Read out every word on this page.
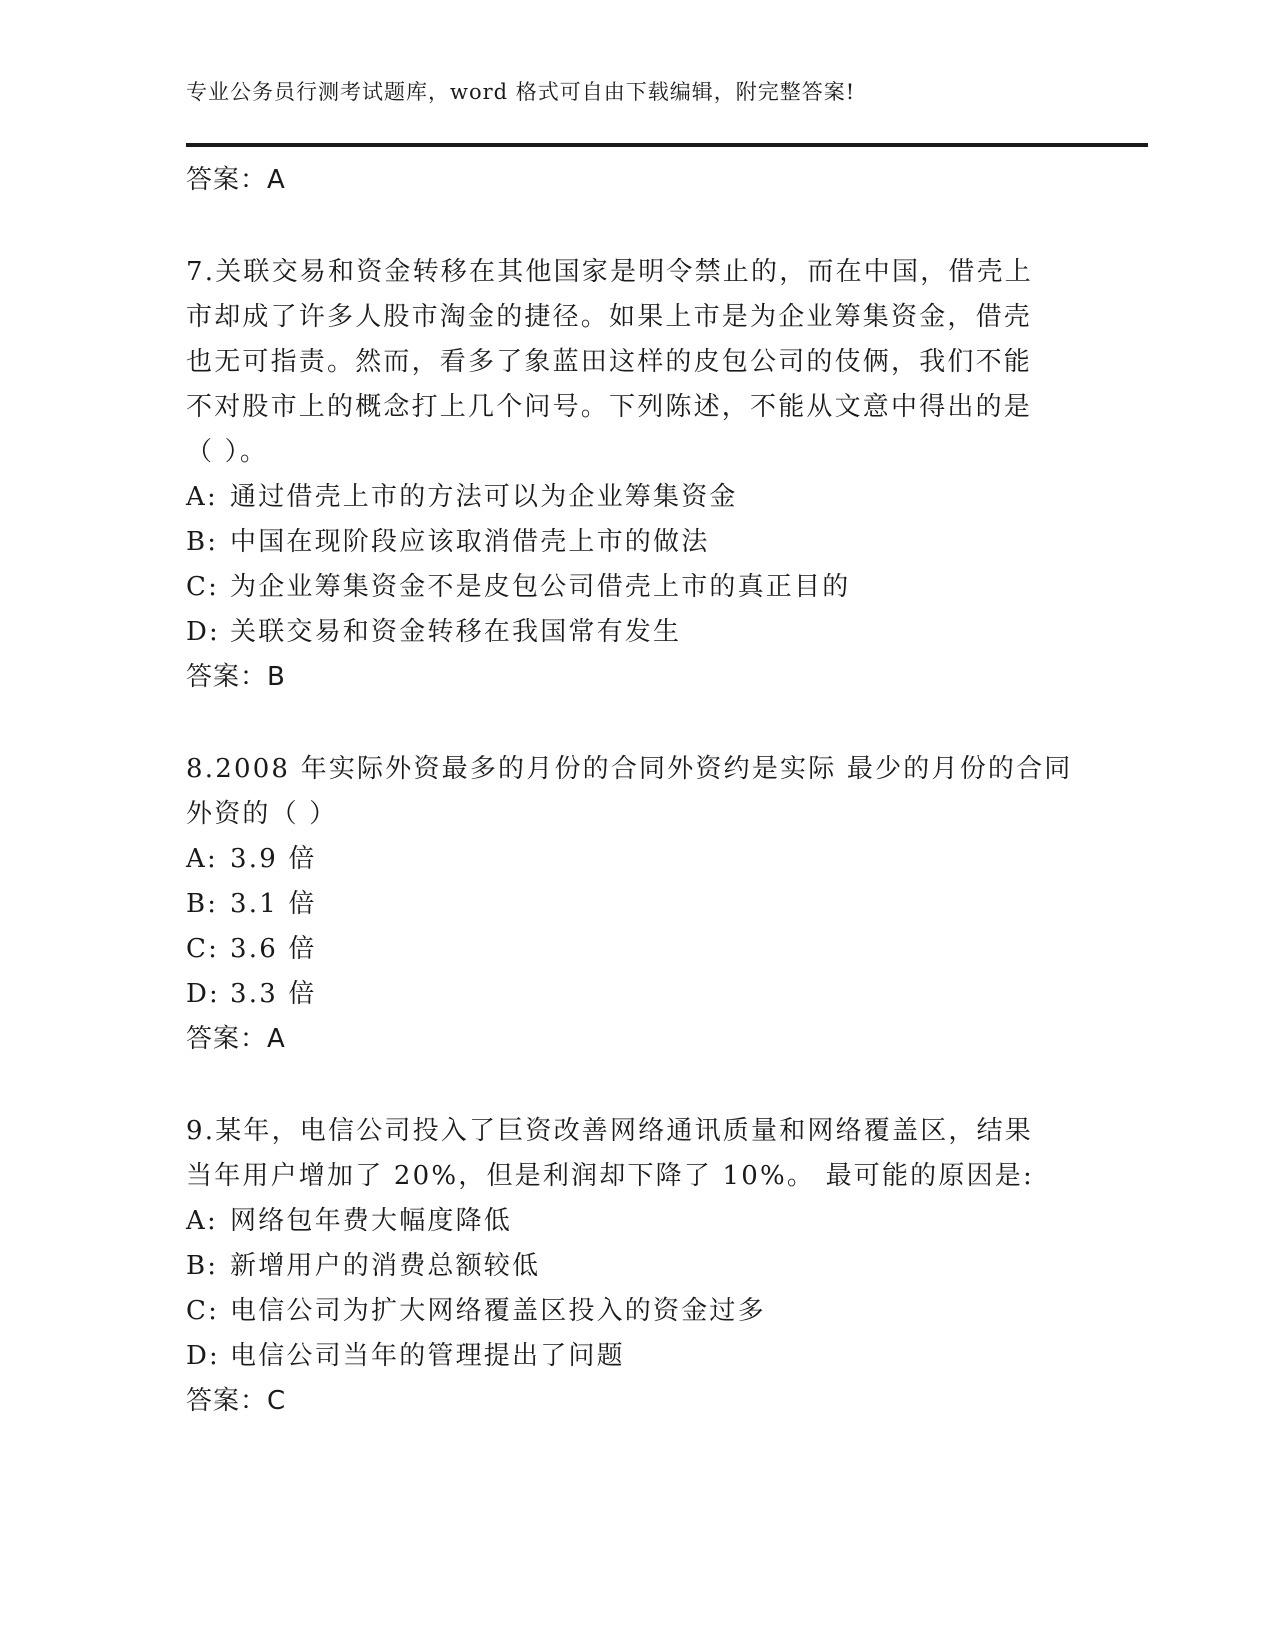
专业公务员行测考试题库，word 格式可自由下载编辑，附完整答案!
答案：A
7.关联交易和资金转移在其他国家是明令禁止的，而在中国，借壳上
市却成了许多人股市淘金的捷径。如果上市是为企业筹集资金，借壳
也无可指责。然而，看多了象蓝田这样的皮包公司的伎俩，我们不能
不对股市上的概念打上几个问号。下列陈述，不能从文意中得出的是
（ ）。
A: 通过借壳上市的方法可以为企业筹集资金
B: 中国在现阶段应该取消借壳上市的做法
C: 为企业筹集资金不是皮包公司借壳上市的真正目的
D: 关联交易和资金转移在我国常有发生
答案：B
8.2008 年实际外资最多的月份的合同外资约是实际 最少的月份的合同
外资的（ ）
A: 3.9 倍
B: 3.1 倍
C: 3.6 倍
D: 3.3 倍
答案：A
9.某年，电信公司投入了巨资改善网络通讯质量和网络覆盖区，结果
当年用户增加了 20%，但是利润却下降了 10%。 最可能的原因是:
A: 网络包年费大幅度降低
B: 新增用户的消费总额较低
C: 电信公司为扩大网络覆盖区投入的资金过多
D: 电信公司当年的管理提出了问题
答案：C
